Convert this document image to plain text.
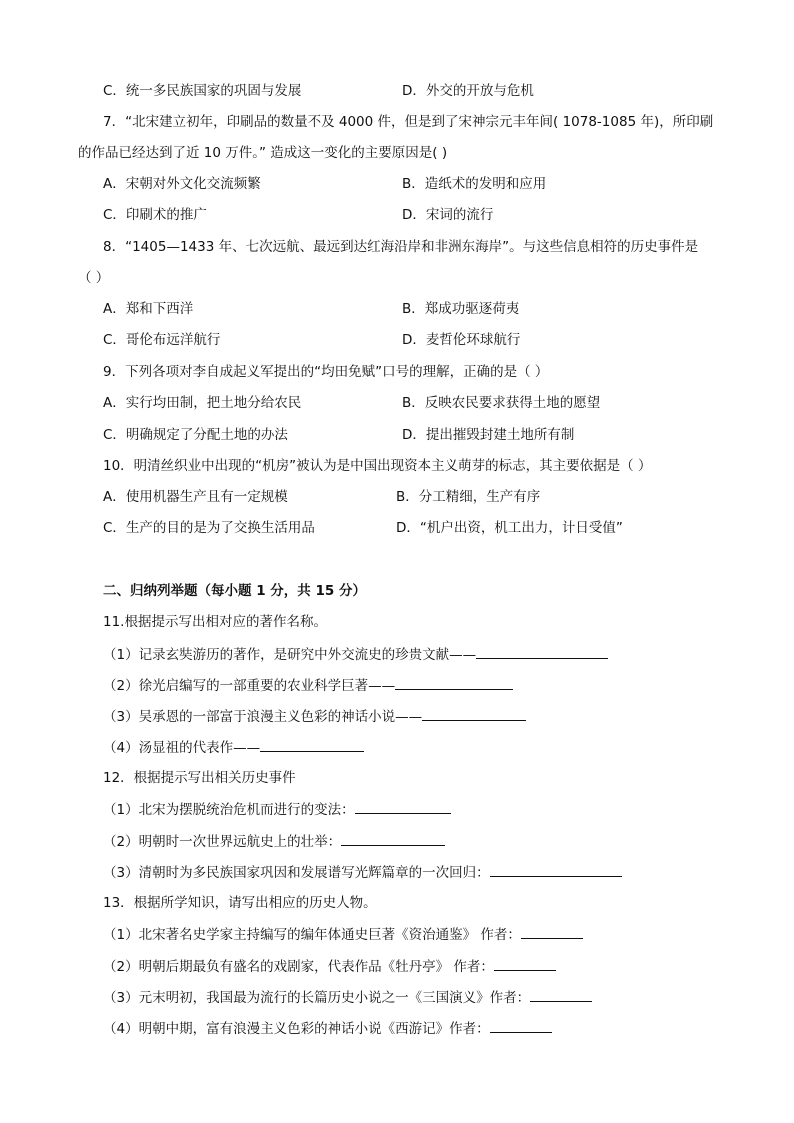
C．统一多民族国家的巩固与发展	D．外交的开放与危机
7．“北宋建立初年，印刷品的数量不及 4000 件，但是到了宋神宗元丰年间( 1078-1085 年)，所印刷
的作品已经达到了近 10 万件。” 造成这一变化的主要原因是( )
A．宋朝对外文化交流频繁	B．造纸术的发明和应用
C．印刷术的推广	D．宋词的流行
8．“1405—1433 年、七次远航、最远到达红海沿岸和非洲东海岸”。与这些信息相符的历史事件是
（ ）
A．郑和下西洋	B．郑成功驱逐荷夷
C．哥伦布远洋航行	D．麦哲伦环球航行
9．下列各项对李自成起义军提出的“均田免赋”口号的理解，正确的是（ ）
A．实行均田制，把土地分给农民	B．反映农民要求获得土地的愿望
C．明确规定了分配土地的办法	D．提出摧毁封建土地所有制
10．明清丝织业中出现的“机房”被认为是中国出现资本主义萌芽的标志，其主要依据是（ ）
A．使用机器生产且有一定规模	B．分工精细，生产有序
C．生产的目的是为了交换生活用品	D．“机户出资，机工出力，计日受值”
二、归纳列举题（每小题 1 分，共 15 分）
11.根据提示写出相对应的著作名称。
（1）记录玄奘游历的著作，是研究中外交流史的珍贵文献——
（2）徐光启编写的一部重要的农业科学巨著——
（3）吴承恩的一部富于浪漫主义色彩的神话小说——
（4）汤显祖的代表作——
12．根据提示写出相关历史事件
（1）北宋为摆脱统治危机而进行的变法：
（2）明朝时一次世界远航史上的壮举：
（3）清朝时为多民族国家巩因和发展谱写光辉篇章的一次回归：
13．根据所学知识，请写出相应的历史人物。
（1）北宋著名史学家主持编写的编年体通史巨著《资治通鉴》 作者：
（2）明朝后期最负有盛名的戏剧家，代表作品《牡丹亭》 作者：
（3）元末明初，我国最为流行的长篇历史小说之一《三国演义》作者：
（4）明朝中期，富有浪漫主义色彩的神话小说《西游记》作者：
